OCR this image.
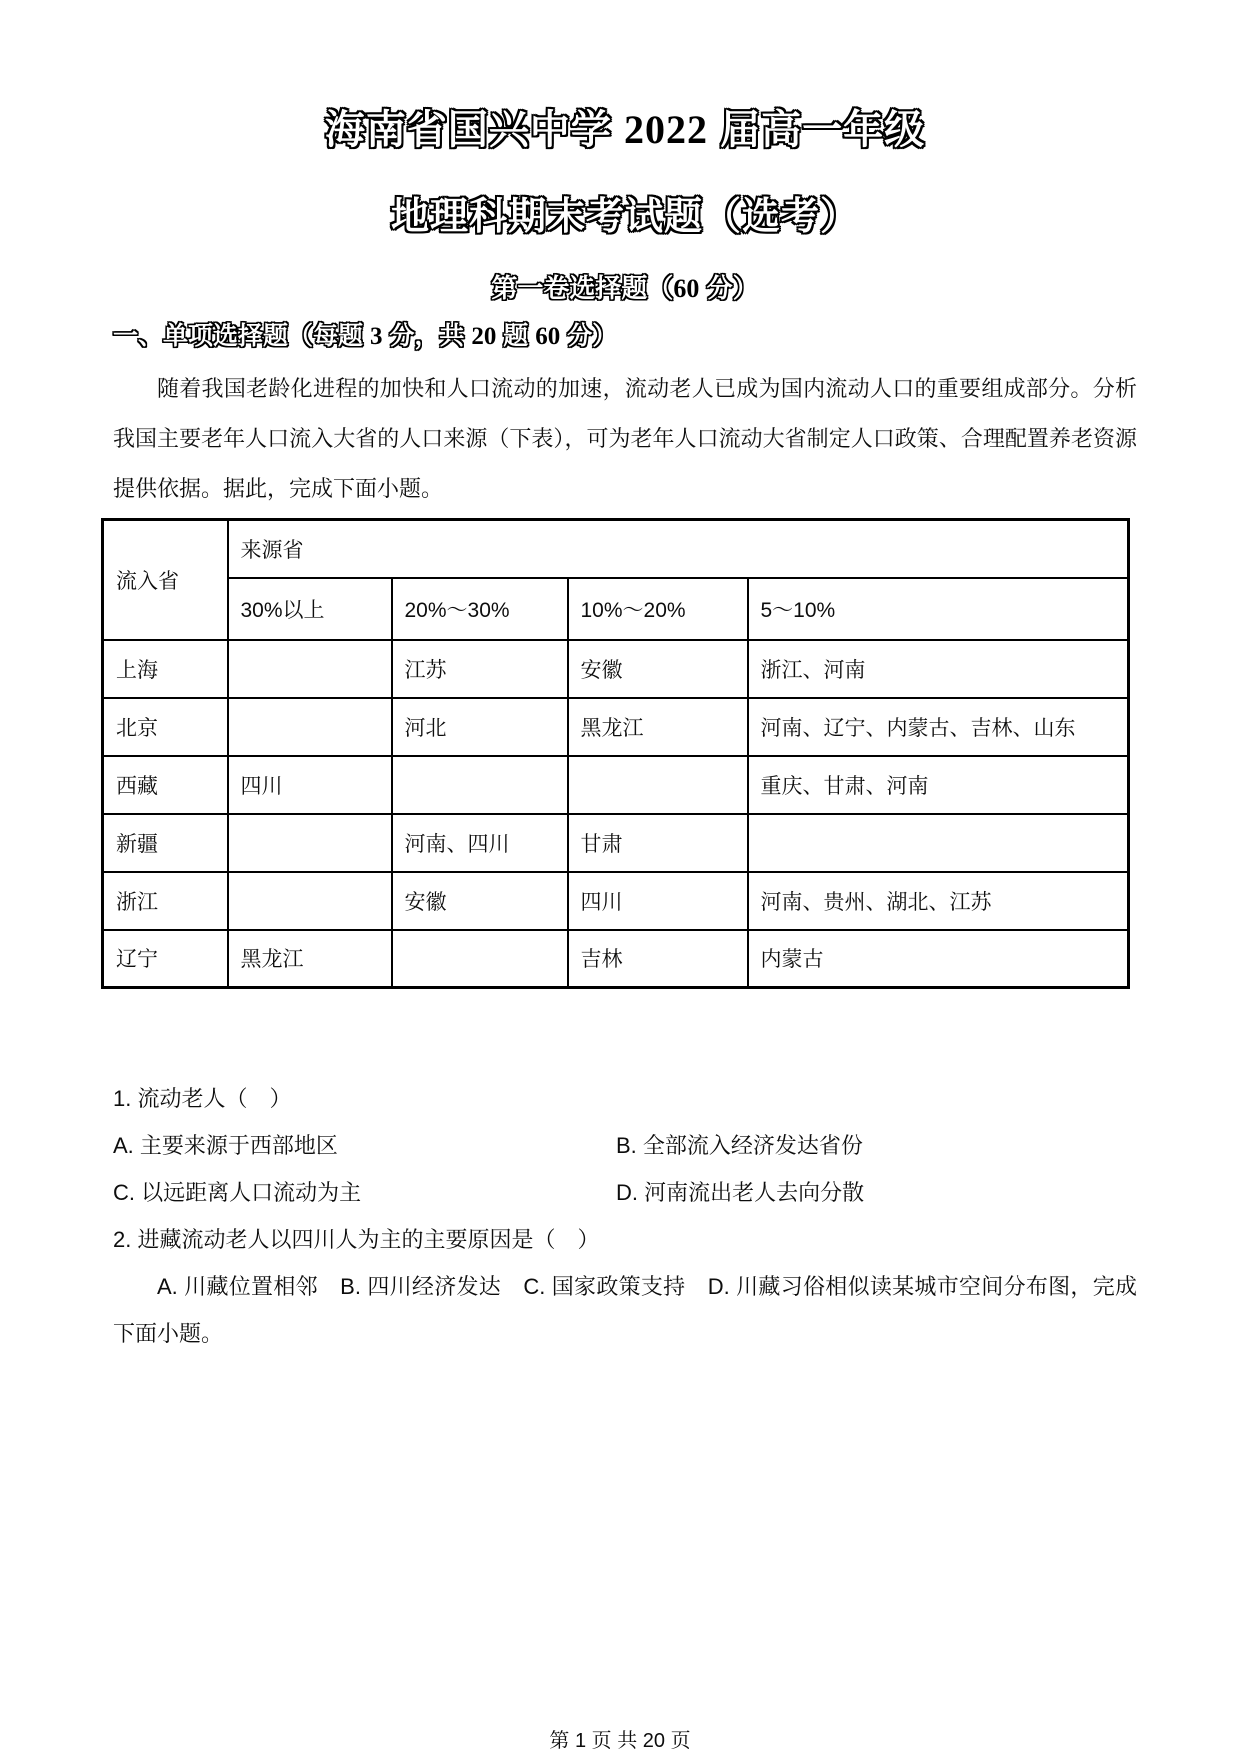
海南省国兴中学 2022 届高一年级
地理科期末考试题（选考）
第一卷选择题（60 分）
一、单项选择题（每题 3 分，共 20 题 60 分）

随着我国老龄化进程的加快和人口流动的加速，流动老人已成为国内流动人口的重要组成部分。分析我国主要老年人口流入大省的人口来源（下表），可为老年人口流动大省制定人口政策、合理配置养老资源提供依据。据此，完成下面小题。

流入省	来源省			
	30%以上	20%～30%	10%～20%	5～10%
上海		江苏	安徽	浙江、河南
北京		河北	黑龙江	河南、辽宁、内蒙古、吉林、山东
西藏	四川			重庆、甘肃、河南
新疆		河南、四川	甘肃	
浙江		安徽	四川	河南、贵州、湖北、江苏
辽宁	黑龙江		吉林	内蒙古

1. 流动老人（　）

A. 主要来源于西部地区	B. 全部流入经济发达省份
C. 以远距离人口流动为主	D. 河南流出老人去向分散

2. 进藏流动老人以四川人为主的主要原因是（　）

A. 川藏位置相邻　B. 四川经济发达　C. 国家政策支持　D. 川藏习俗相似读某城市空间分布图，完成下面小题。

第 1 页 共 20 页
